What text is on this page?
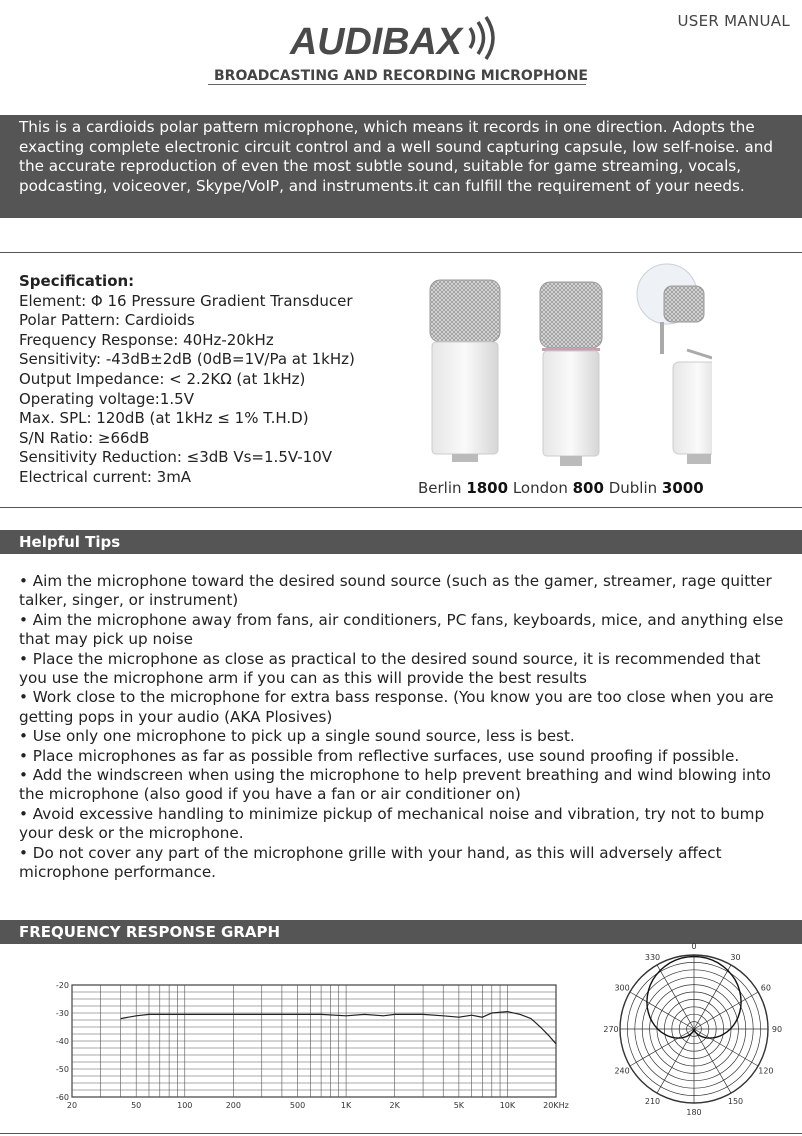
USER MANUAL
AUDIBAX
BROADCASTING AND RECORDING MICROPHONE
This is a cardioids polar pattern microphone, which means it records in one direction. Adopts the exacting complete electronic circuit control and a well sound capturing capsule, low self-noise. and the accurate reproduction of even the most subtle sound, suitable for game streaming, vocals, podcasting, voiceover, Skype/VoIP, and instruments.it can fulfill the requirement of your needs.
Specification:
Element: Φ 16 Pressure Gradient Transducer
Polar Pattern: Cardioids
Frequency Response: 40Hz-20kHz
Sensitivity: -43dB±2dB (0dB=1V/Pa at 1kHz)
Output Impedance: < 2.2KΩ (at 1kHz)
Operating voltage:1.5V
Max. SPL: 120dB (at 1kHz ≤ 1% T.H.D)
S/N Ratio: ≥66dB
Sensitivity Reduction: ≤3dB Vs=1.5V-10V
Electrical current: 3mA
Berlin 1800 London 800 Dublin 3000
Helpful Tips
• Aim the microphone toward the desired sound source (such as the gamer, streamer, rage quitter talker, singer, or instrument)
• Aim the microphone away from fans, air conditioners, PC fans, keyboards, mice, and anything else that may pick up noise
• Place the microphone as close as practical to the desired sound source, it is recommended that you use the microphone arm if you can as this will provide the best results
• Work close to the microphone for extra bass response. (You know you are too close when you are getting pops in your audio (AKA Plosives)
• Use only one microphone to pick up a single sound source, less is best.
• Place microphones as far as possible from reflective surfaces, use sound proofing if possible.
• Add the windscreen when using the microphone to help prevent breathing and wind blowing into the microphone (also good if you have a fan or air conditioner on)
• Avoid excessive handling to minimize pickup of mechanical noise and vibration, try not to bump your desk or the microphone.
• Do not cover any part of the microphone grille with your hand, as this will adversely affect microphone performance.
FREQUENCY RESPONSE GRAPH
-20
-30
-40
-50
-60
20	50	100	200	500	1K	2K	5K	10K	20KHz
0
30
60
90
120
150
180
210
240
270
300
330
